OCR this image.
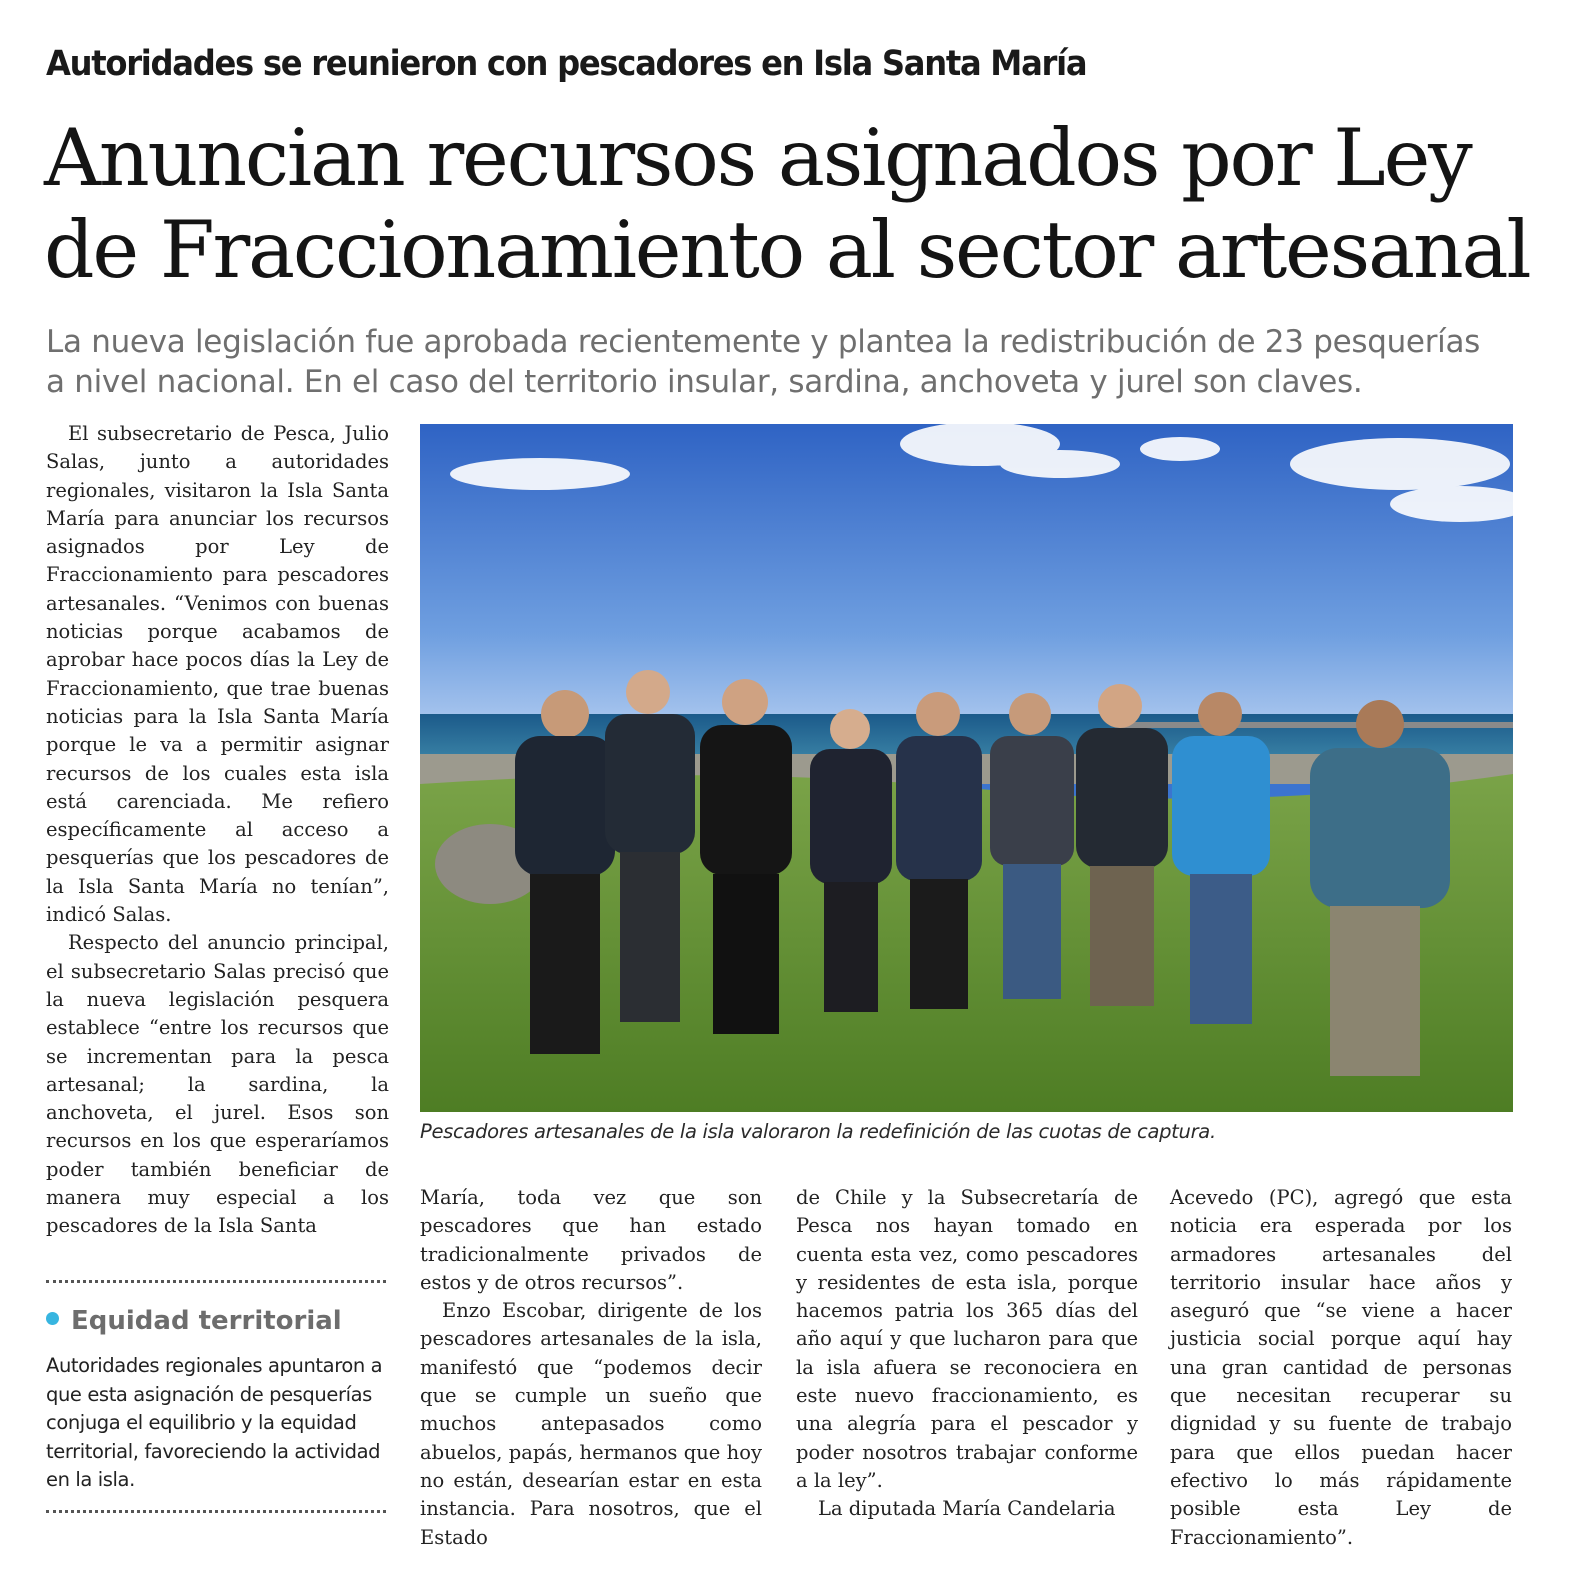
Autoridades se reunieron con pescadores en Isla Santa María
Anuncian recursos asignados por Ley
de Fraccionamiento al sector artesanal
La nueva legislación fue aprobada recientemente y plantea la redistribución de 23 pesquerías
a nivel nacional. En el caso del territorio insular, sardina, anchoveta y jurel son claves.

El subsecretario de Pesca, Julio Salas, junto a autoridades regionales, visitaron la Isla Santa María para anunciar los recursos asignados por Ley de Fraccionamiento para pescadores artesanales. “Venimos con buenas noticias porque acabamos de aprobar hace pocos días la Ley de Fraccionamiento, que trae buenas noticias para la Isla Santa María porque le va a permitir asignar recursos de los cuales esta isla está carenciada. Me refiero específicamente al acceso a pesquerías que los pescadores de la Isla Santa María no tenían”, indicó Salas.

Respecto del anuncio principal, el subsecretario Salas precisó que la nueva legislación pesquera establece “entre los recursos que se incrementan para la pesca artesanal; la sardina, la anchoveta, el jurel. Esos son recursos en los que esperaríamos poder también beneficiar de manera muy especial a los pescadores de la Isla Santa

Pescadores artesanales de la isla valoraron la redefinición de las cuotas de captura.

María, toda vez que son pescadores que han estado tradicionalmente privados de estos y de otros recursos”.

Enzo Escobar, dirigente de los pescadores artesanales de la isla, manifestó que “podemos decir que se cumple un sueño que muchos antepasados como abuelos, papás, hermanos que hoy no están, desearían estar en esta instancia. Para nosotros, que el Estado

de Chile y la Subsecretaría de Pesca nos hayan tomado en cuenta esta vez, como pescadores y residentes de esta isla, porque hacemos patria los 365 días del año aquí y que lucharon para que la isla afuera se reconociera en este nuevo fraccionamiento, es una alegría para el pescador y poder nosotros trabajar conforme a la ley”.

La diputada María Candelaria

Acevedo (PC), agregó que esta noticia era esperada por los armadores artesanales del territorio insular hace años y aseguró que “se viene a hacer justicia social porque aquí hay una gran cantidad de personas que necesitan recuperar su dignidad y su fuente de trabajo para que ellos puedan hacer efectivo lo más rápidamente posible esta Ley de Fraccionamiento”.

Equidad territorial
Autoridades regionales apuntaron a que esta asignación de pesquerías conjuga el equilibrio y la equidad territorial, favoreciendo la actividad en la isla.
